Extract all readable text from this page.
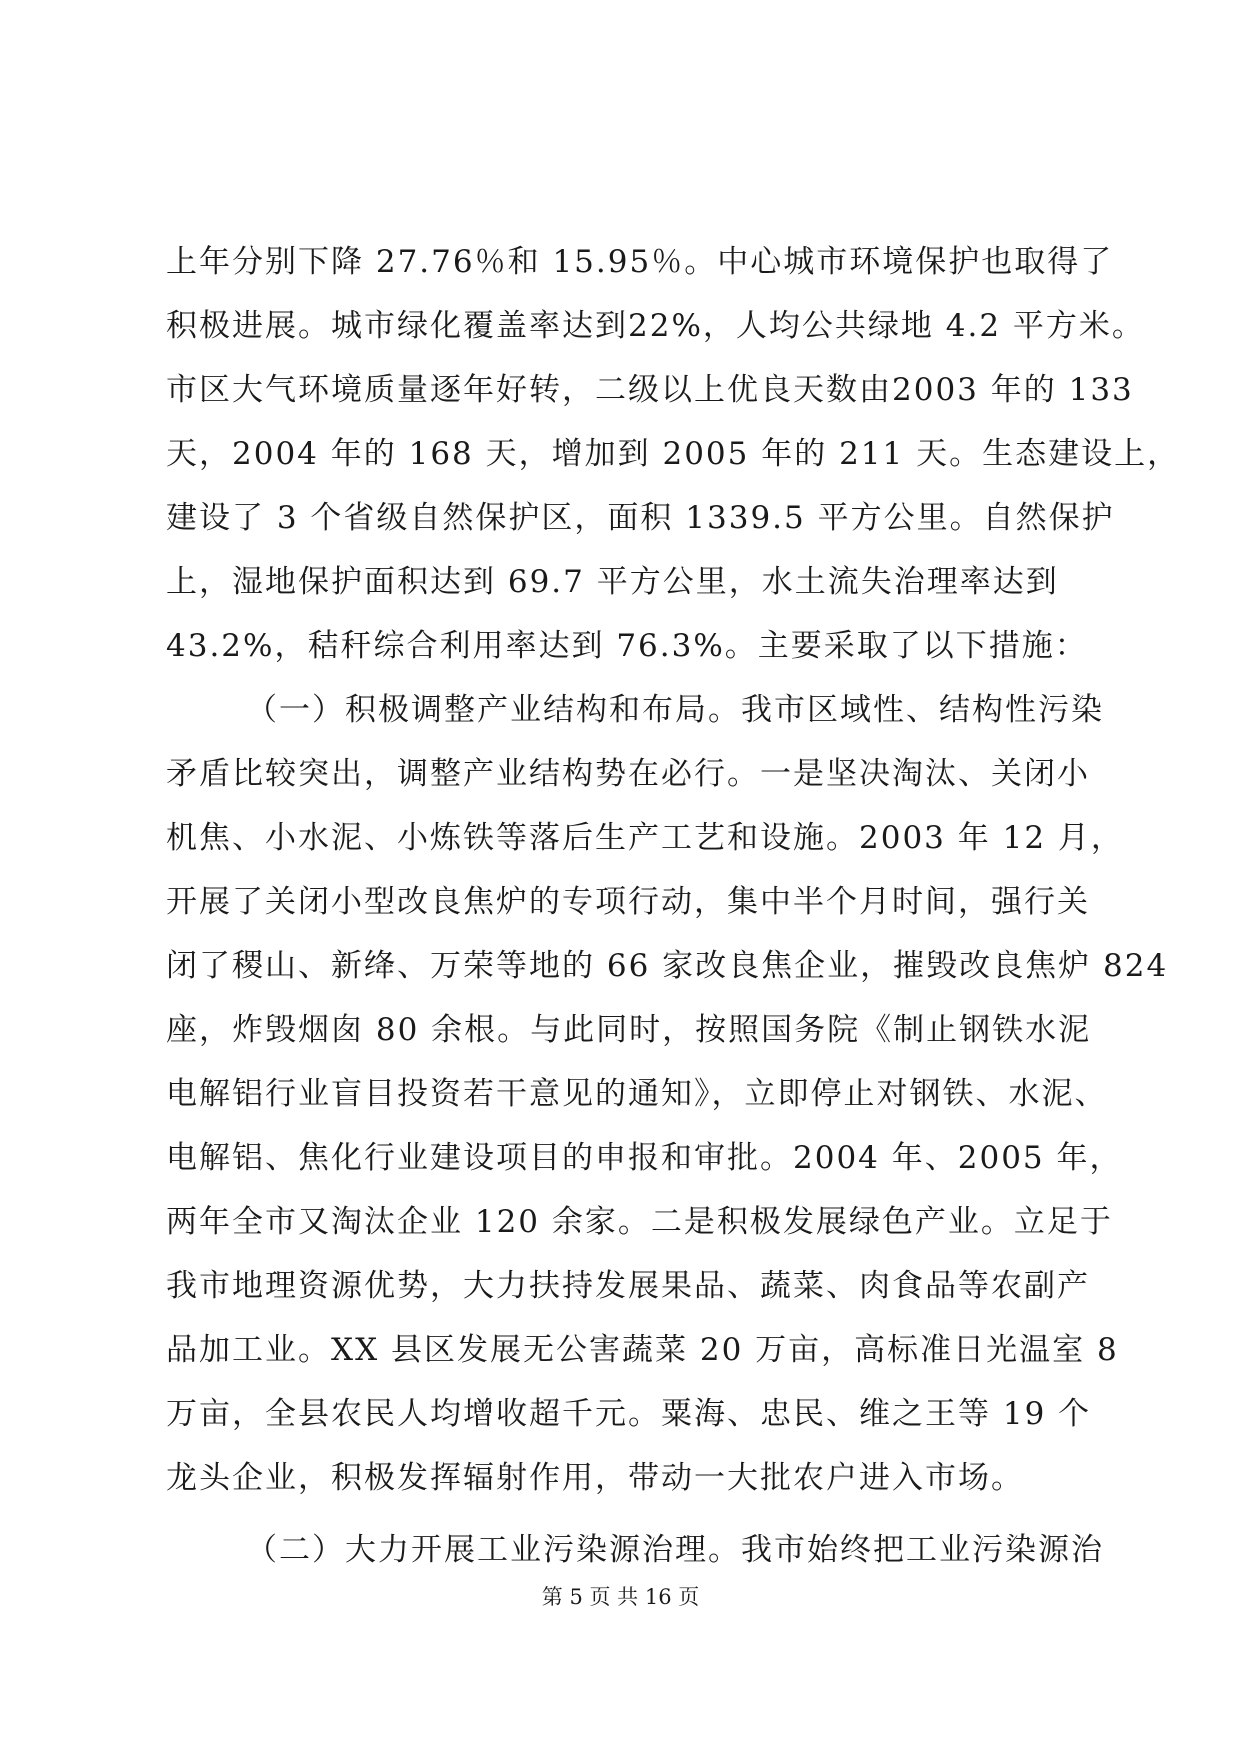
上年分别下降 27.76％和 15.95％。中心城市环境保护也取得了
积极进展。城市绿化覆盖率达到22%，人均公共绿地 4.2 平方米。
市区大气环境质量逐年好转，二级以上优良天数由2003 年的 133
天，2004 年的 168 天，增加到 2005 年的 211 天。生态建设上，
建设了 3 个省级自然保护区，面积 1339.5 平方公里。自然保护
上，湿地保护面积达到 69.7 平方公里，水土流失治理率达到
43.2%，秸秆综合利用率达到 76.3%。主要采取了以下措施：
（一）积极调整产业结构和布局。我市区域性、结构性污染
矛盾比较突出，调整产业结构势在必行。一是坚决淘汰、关闭小
机焦、小水泥、小炼铁等落后生产工艺和设施。2003 年 12 月，
开展了关闭小型改良焦炉的专项行动，集中半个月时间，强行关
闭了稷山、新绛、万荣等地的 66 家改良焦企业，摧毁改良焦炉 824
座，炸毁烟囱 80 余根。与此同时，按照国务院《制止钢铁水泥
电解铝行业盲目投资若干意见的通知》，立即停止对钢铁、水泥、
电解铝、焦化行业建设项目的申报和审批。2004 年、2005 年，
两年全市又淘汰企业 120 余家。二是积极发展绿色产业。立足于
我市地理资源优势，大力扶持发展果品、蔬菜、肉食品等农副产
品加工业。XX 县区发展无公害蔬菜 20 万亩，高标准日光温室 8
万亩，全县农民人均增收超千元。粟海、忠民、维之王等 19 个
龙头企业，积极发挥辐射作用，带动一大批农户进入市场。
（二）大力开展工业污染源治理。我市始终把工业污染源治
第 5 页 共 16 页
